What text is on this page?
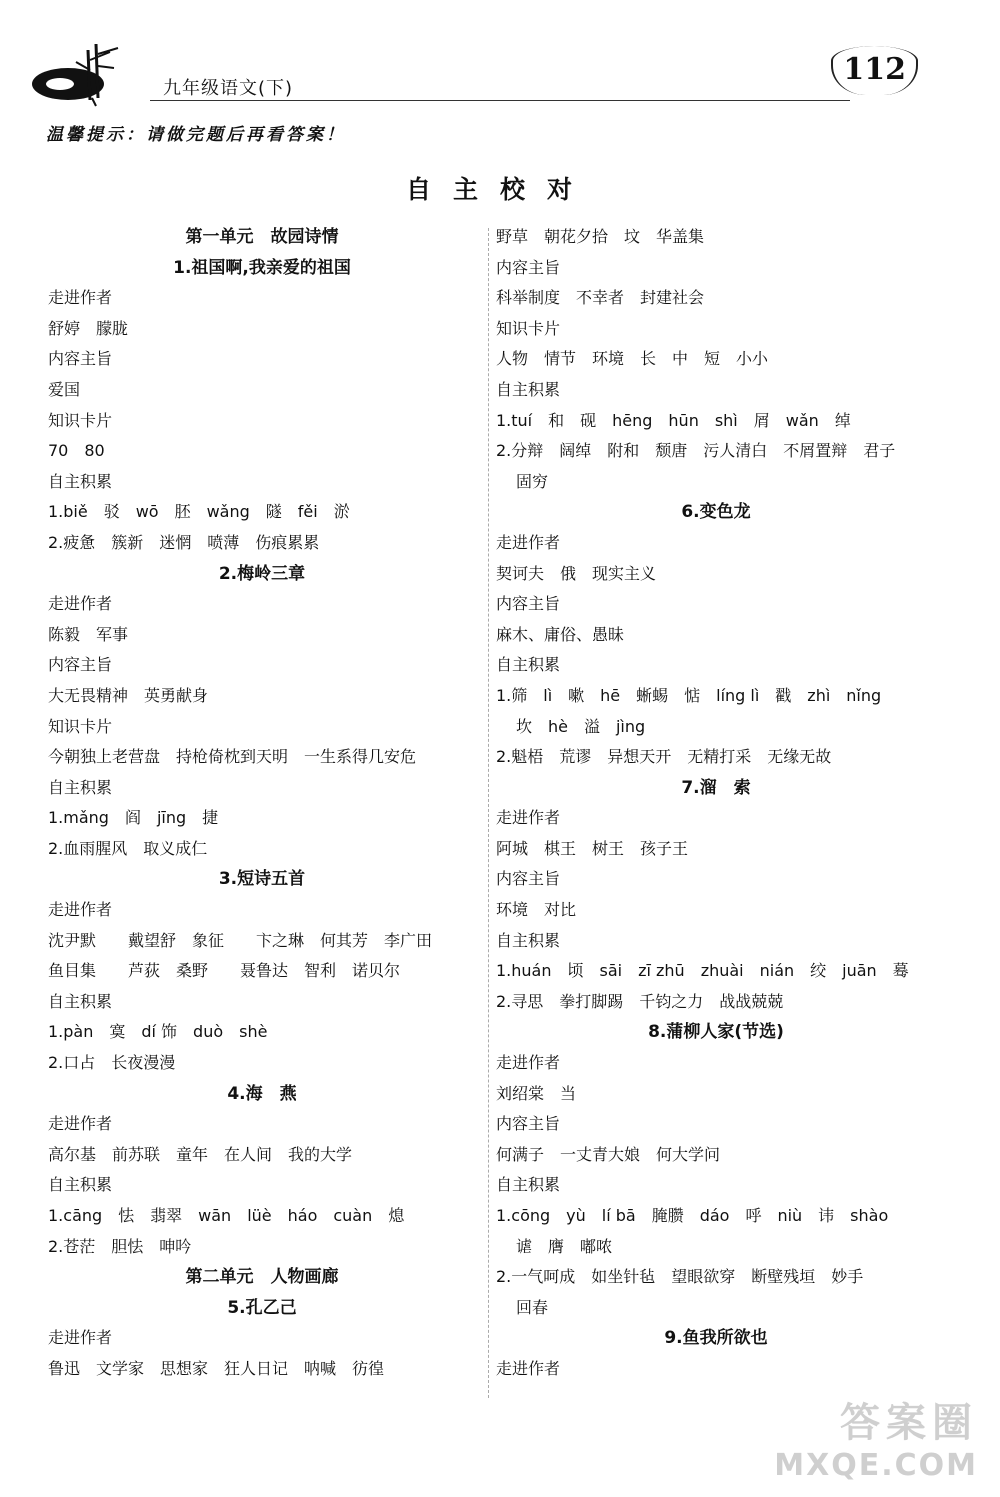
九年级语文(下)
112
温馨提示：请做完题后再看答案！
自主校对
第一单元　故园诗情
1.祖国啊,我亲爱的祖国
走进作者
舒婷　朦胧
内容主旨
爱国
知识卡片
70　80
自主积累
1.biě　驳　wō　胚　wǎng　隧　fěi　淤
2.疲惫　簇新　迷惘　喷薄　伤痕累累
2.梅岭三章
走进作者
陈毅　军事
内容主旨
大无畏精神　英勇献身
知识卡片
今朝独上老营盘　持枪倚枕到天明　一生系得几安危
自主积累
1.mǎng　阎　jīng　捷
2.血雨腥风　取义成仁
3.短诗五首
走进作者
沈尹默　　戴望舒　象征　　卞之琳　何其芳　李广田
鱼目集　　芦荻　桑野　　聂鲁达　智利　诺贝尔
自主积累
1.pàn　寞　dí 饰　duò　shè
2.口占　长夜漫漫
4.海　燕
走进作者
高尔基　前苏联　童年　在人间　我的大学
自主积累
1.cāng　怯　翡翠　wān　lüè　háo　cuàn　熄
2.苍茫　胆怯　呻吟
第二单元　人物画廊
5.孔乙己
走进作者
鲁迅　文学家　思想家　狂人日记　呐喊　彷徨
野草　朝花夕拾　坟　华盖集
内容主旨
科举制度　不幸者　封建社会
知识卡片
人物　情节　环境　长　中　短　小小
自主积累
1.tuí　和　砚　hēng　hūn　shì　屑　wǎn　绰
2.分辩　阔绰　附和　颓唐　污人清白　不屑置辩　君子
固穷
6.变色龙
走进作者
契诃夫　俄　现实主义
内容主旨
麻木、庸俗、愚昧
自主积累
1.筛　lì　嗽　hē　蜥蜴　惦　líng lì　戳　zhì　nǐng
坎　hè　溢　jìng
2.魁梧　荒谬　异想天开　无精打采　无缘无故
7.溜　索
走进作者
阿城　棋王　树王　孩子王
内容主旨
环境　对比
自主积累
1.huán　顷　sāi　zī zhū　zhuài　nián　绞　juān　蓦
2.寻思　拳打脚踢　千钧之力　战战兢兢
8.蒲柳人家(节选)
走进作者
刘绍棠　当
内容主旨
何满子　一丈青大娘　何大学问
自主积累
1.cōng　yù　lí bā　腌臜　dáo　呼　niù　讳　shào
谑　膺　嘟哝
2.一气呵成　如坐针毡　望眼欲穿　断壁残垣　妙手
回春
9.鱼我所欲也
走进作者
答案圈
MXQE.COM
